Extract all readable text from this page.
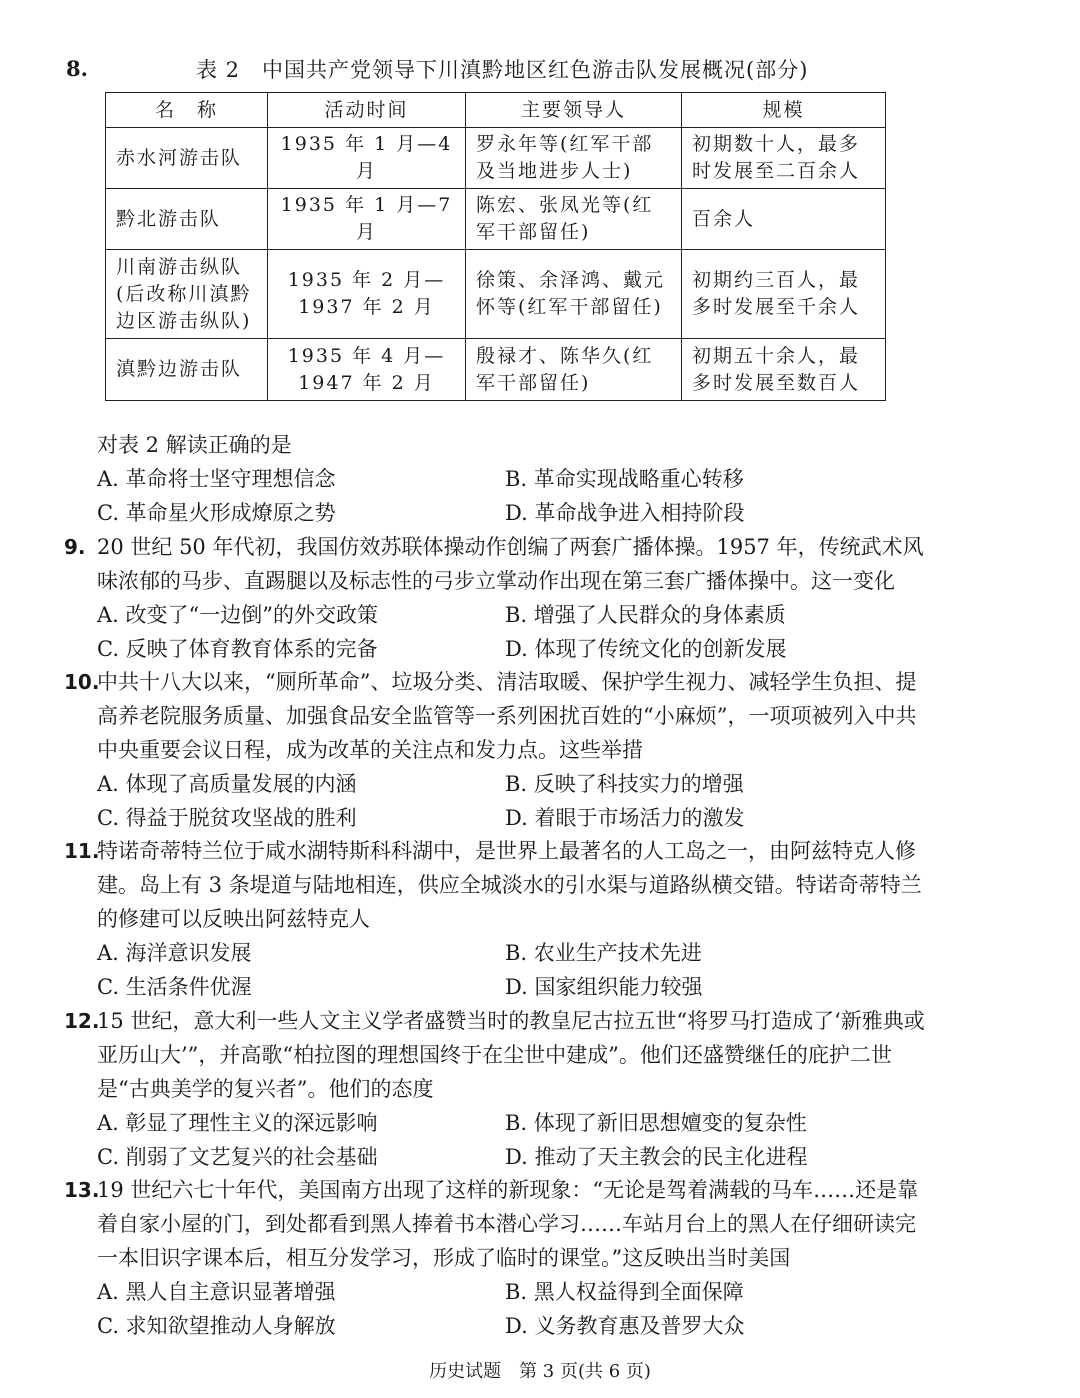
8.	表 2　中国共产党领导下川滇黔地区红色游击队发展概况(部分)
名　称	活动时间	主要领导人	规模
赤水河游击队	1935 年 1 月—4 月	罗永年等(红军干部及当地进步人士)	初期数十人，最多时发展至二百余人
黔北游击队	1935 年 1 月—7 月	陈宏、张凤光等(红军干部留任)	百余人
川南游击纵队(后改称川滇黔边区游击纵队)	1935 年 2 月—1937 年 2 月	徐策、余泽鸿、戴元怀等(红军干部留任)	初期约三百人，最多时发展至千余人
滇黔边游击队	1935 年 4 月—1947 年 2 月	殷禄才、陈华久(红军干部留任)	初期五十余人，最多时发展至数百人

对表 2 解读正确的是

A. 革命将士坚守理想信念	B. 革命实现战略重心转移
C. 革命星火形成燎原之势	D. 革命战争进入相持阶段

9. 20 世纪 50 年代初，我国仿效苏联体操动作创编了两套广播体操。1957 年，传统武术风味浓郁的马步、直踢腿以及标志性的弓步立掌动作出现在第三套广播体操中。这一变化

A. 改变了“一边倒”的外交政策	B. 增强了人民群众的身体素质
C. 反映了体育教育体系的完备	D. 体现了传统文化的创新发展

10.
中共十八大以来，“厕所革命”、垃圾分类、清洁取暖、保护学生视力、减轻学生负担、提高养老院服务质量、加强食品安全监管等一系列困扰百姓的“小麻烦”，一项项被列入中共中央重要会议日程，成为改革的关注点和发力点。这些举措

A. 体现了高质量发展的内涵	B. 反映了科技实力的增强
C. 得益于脱贫攻坚战的胜利	D. 着眼于市场活力的激发

11.
特诺奇蒂特兰位于咸水湖特斯科科湖中，是世界上最著名的人工岛之一，由阿兹特克人修建。岛上有 3 条堤道与陆地相连，供应全城淡水的引水渠与道路纵横交错。特诺奇蒂特兰的修建可以反映出阿兹特克人

A. 海洋意识发展	B. 农业生产技术先进
C. 生活条件优渥	D. 国家组织能力较强

12.
15 世纪，意大利一些人文主义学者盛赞当时的教皇尼古拉五世“将罗马打造成了‘新雅典或亚历山大’”，并高歌“柏拉图的理想国终于在尘世中建成”。他们还盛赞继任的庇护二世是“古典美学的复兴者”。他们的态度

A. 彰显了理性主义的深远影响	B. 体现了新旧思想嬗变的复杂性
C. 削弱了文艺复兴的社会基础	D. 推动了天主教会的民主化进程

13.
19 世纪六七十年代，美国南方出现了这样的新现象：“无论是驾着满载的马车……还是靠着自家小屋的门，到处都看到黑人捧着书本潜心学习……车站月台上的黑人在仔细研读完一本旧识字课本后，相互分发学习，形成了临时的课堂。”这反映出当时美国

A. 黑人自主意识显著增强	B. 黑人权益得到全面保障
C. 求知欲望推动人身解放	D. 义务教育惠及普罗大众
历史试题　第 3 页(共 6 页)
